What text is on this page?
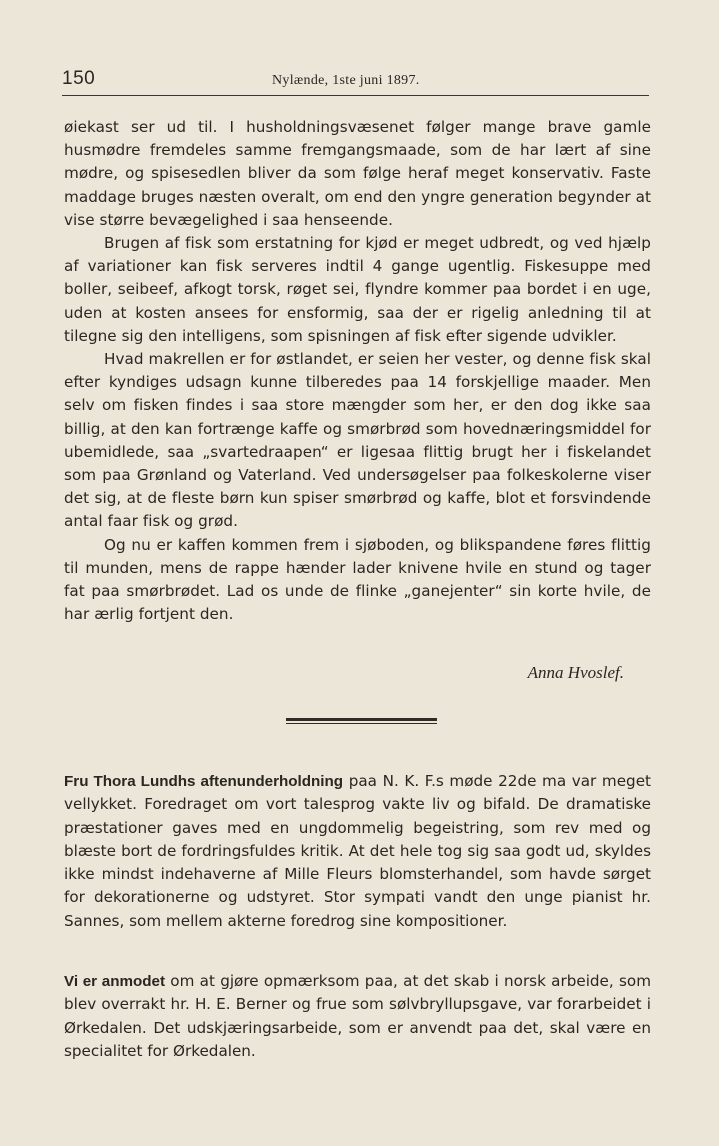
150	Nylænde, 1ste juni 1897.

øiekast ser ud til. I husholdningsvæsenet følger mange brave gamle husmødre fremdeles samme fremgangsmaade, som de har lært af sine mødre, og spisesedlen bliver da som følge heraf meget konservativ. Faste maddage bruges næsten overalt, om end den yngre generation begynder at vise større bevægelighed i saa henseende.

Brugen af fisk som erstatning for kjød er meget udbredt, og ved hjælp af variationer kan fisk serveres indtil 4 gange ugentlig. Fiskesuppe med boller, seibeef, afkogt torsk, røget sei, flyndre kommer paa bordet i en uge, uden at kosten ansees for ensformig, saa der er rigelig anledning til at tilegne sig den intelligens, som spisningen af fisk efter sigende udvikler.

Hvad makrellen er for østlandet, er seien her vester, og denne fisk skal efter kyndiges udsagn kunne tilberedes paa 14 forskjellige maader. Men selv om fisken findes i saa store mængder som her, er den dog ikke saa billig, at den kan fortrænge kaffe og smørbrød som hovednæringsmiddel for ubemidlede, saa „svartedraapen“ er ligesaa flittig brugt her i fiskelandet som paa Grønland og Vaterland. Ved undersøgelser paa folkeskolerne viser det sig, at de fleste børn kun spiser smørbrød og kaffe, blot et forsvindende antal faar fisk og grød.

Og nu er kaffen kommen frem i sjøboden, og blikspandene føres flittig til munden, mens de rappe hænder lader knivene hvile en stund og tager fat paa smørbrødet. Lad os unde de flinke „ganejenter“ sin korte hvile, de har ærlig fortjent den.

Anna Hvoslef.

Fru Thora Lundhs aftenunderholdning paa N. K. F.s møde 22de ma var meget vellykket. Foredraget om vort talesprog vakte liv og bifald. De dramatiske præstationer gaves med en ungdommelig begeistring, som rev med og blæste bort de fordringsfuldes kritik. At det hele tog sig saa godt ud, skyldes ikke mindst indehaverne af Mille Fleurs blomsterhandel, som havde sørget for dekorationerne og udstyret. Stor sympati vandt den unge pianist hr. Sannes, som mellem akterne foredrog sine kompositioner.

Vi er anmodet om at gjøre opmærksom paa, at det skab i norsk arbeide, som blev overrakt hr. H. E. Berner og frue som sølvbryllupsgave, var forarbeidet i Ørkedalen. Det udskjæringsarbeide, som er anvendt paa det, skal være en specialitet for Ørkedalen.
